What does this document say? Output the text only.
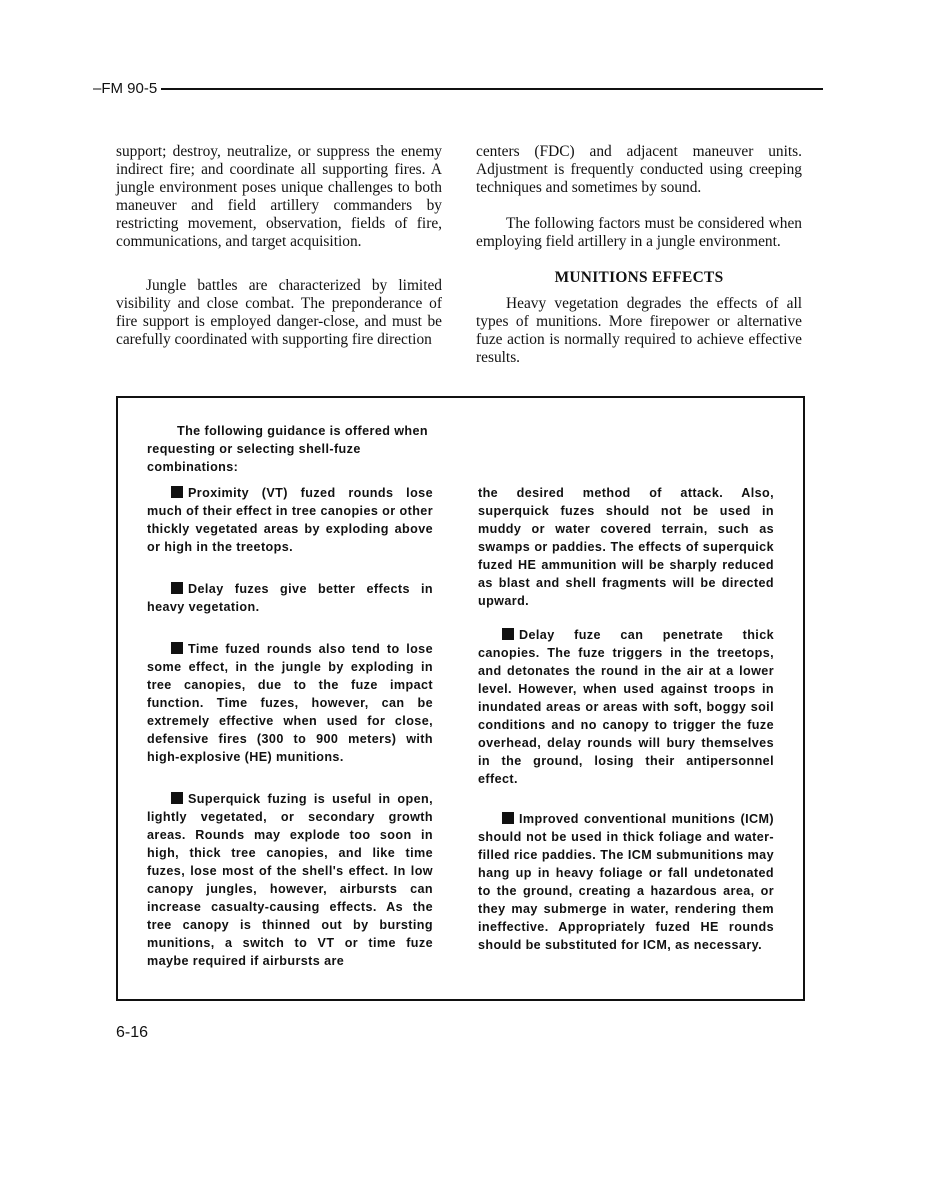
–FM 90-5

support; destroy, neutralize, or suppress the enemy indirect fire; and coordinate all supporting fires. A jungle environment poses unique challenges to both maneuver and field artillery commanders by restricting movement, observation, fields of fire, communications, and target acquisition.

Jungle battles are characterized by limited visibility and close combat. The preponderance of fire support is employed danger-close, and must be carefully coordinated with supporting fire direction

centers (FDC) and adjacent maneuver units. Adjustment is frequently conducted using creeping techniques and sometimes by sound.

The following factors must be considered when employing field artillery in a jungle environment.

MUNITIONS EFFECTS

Heavy vegetation degrades the effects of all types of munitions. More firepower or alternative fuze action is normally required to achieve effective results.

The following guidance is offered when requesting or selecting shell-fuze combinations:

Proximity (VT) fuzed rounds lose much of their effect in tree canopies or other thickly vegetated areas by exploding above or high in the treetops.

Delay fuzes give better effects in heavy vegetation.

Time fuzed rounds also tend to lose some effect, in the jungle by exploding in tree canopies, due to the fuze impact function. Time fuzes, however, can be extremely effective when used for close, defensive fires (300 to 900 meters) with high-explosive (HE) munitions.

Superquick fuzing is useful in open, lightly vegetated, or secondary growth areas. Rounds may explode too soon in high, thick tree canopies, and like time fuzes, lose most of the shell's effect. In low canopy jungles, however, airbursts can increase casualty-causing effects. As the tree canopy is thinned out by bursting munitions, a switch to VT or time fuze maybe required if airbursts are

the desired method of attack. Also, superquick fuzes should not be used in muddy or water covered terrain, such as swamps or paddies. The effects of superquick fuzed HE ammunition will be sharply reduced as blast and shell fragments will be directed upward.

Delay fuze can penetrate thick canopies. The fuze triggers in the treetops, and detonates the round in the air at a lower level. However, when used against troops in inundated areas or areas with soft, boggy soil conditions and no canopy to trigger the fuze overhead, delay rounds will bury themselves in the ground, losing their antipersonnel effect.

Improved conventional munitions (ICM) should not be used in thick foliage and water-filled rice paddies. The ICM submunitions may hang up in heavy foliage or fall undetonated to the ground, creating a hazardous area, or they may submerge in water, rendering them ineffective. Appropriately fuzed HE rounds should be substituted for ICM, as necessary.

6-16
